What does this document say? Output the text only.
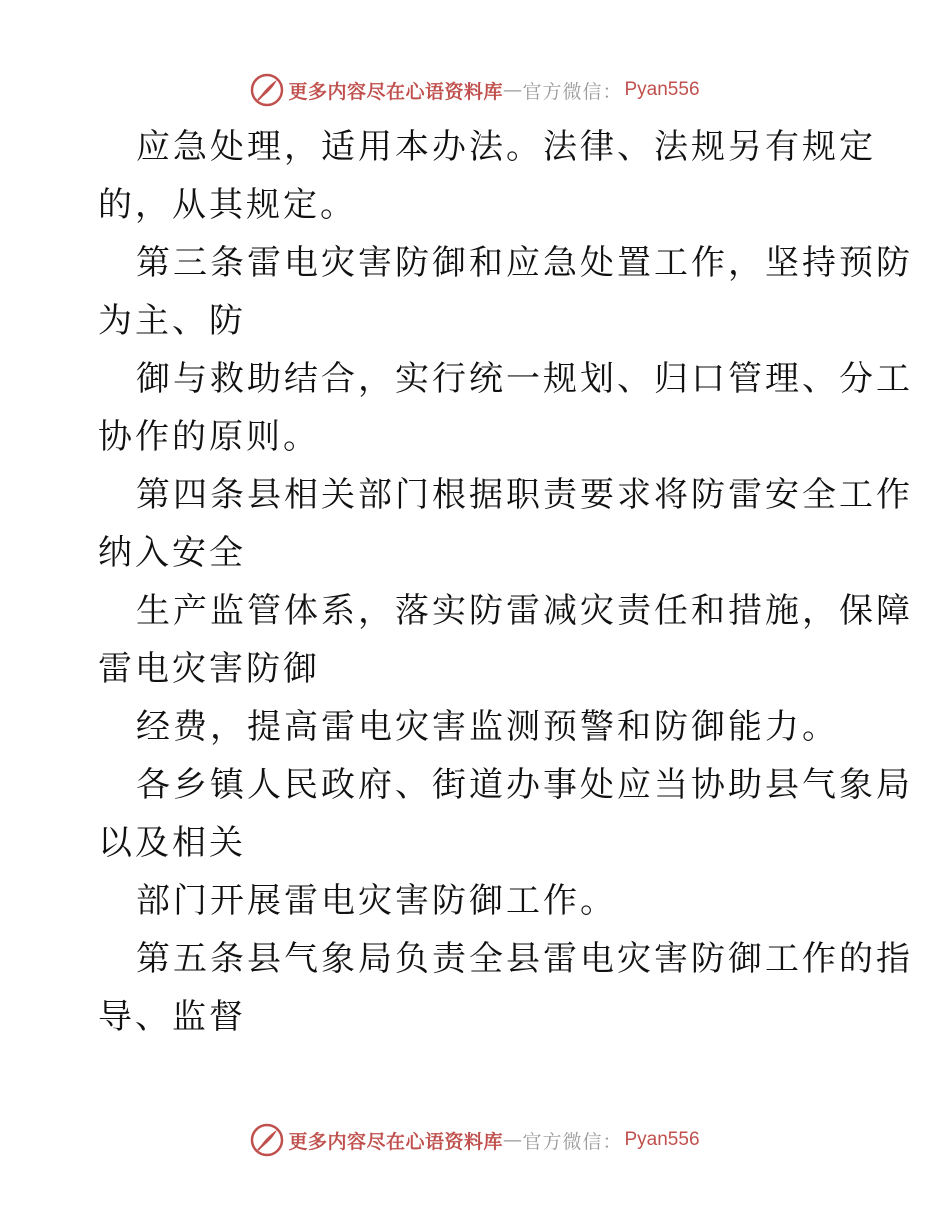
更多内容尽在心语资料库 — 官方微信： Pyan556
应急处理，适用本办法。法律、法规另有规定
的，从其规定。
第三条雷电灾害防御和应急处置工作，坚持预防
为主、防
御与救助结合，实行统一规划、归口管理、分工
协作的原则。
第四条县相关部门根据职责要求将防雷安全工作
纳入安全
生产监管体系，落实防雷减灾责任和措施，保障
雷电灾害防御
经费，提高雷电灾害监测预警和防御能力。
各乡镇人民政府、街道办事处应当协助县气象局
以及相关
部门开展雷电灾害防御工作。
第五条县气象局负责全县雷电灾害防御工作的指
导、监督
更多内容尽在心语资料库 — 官方微信： Pyan556
